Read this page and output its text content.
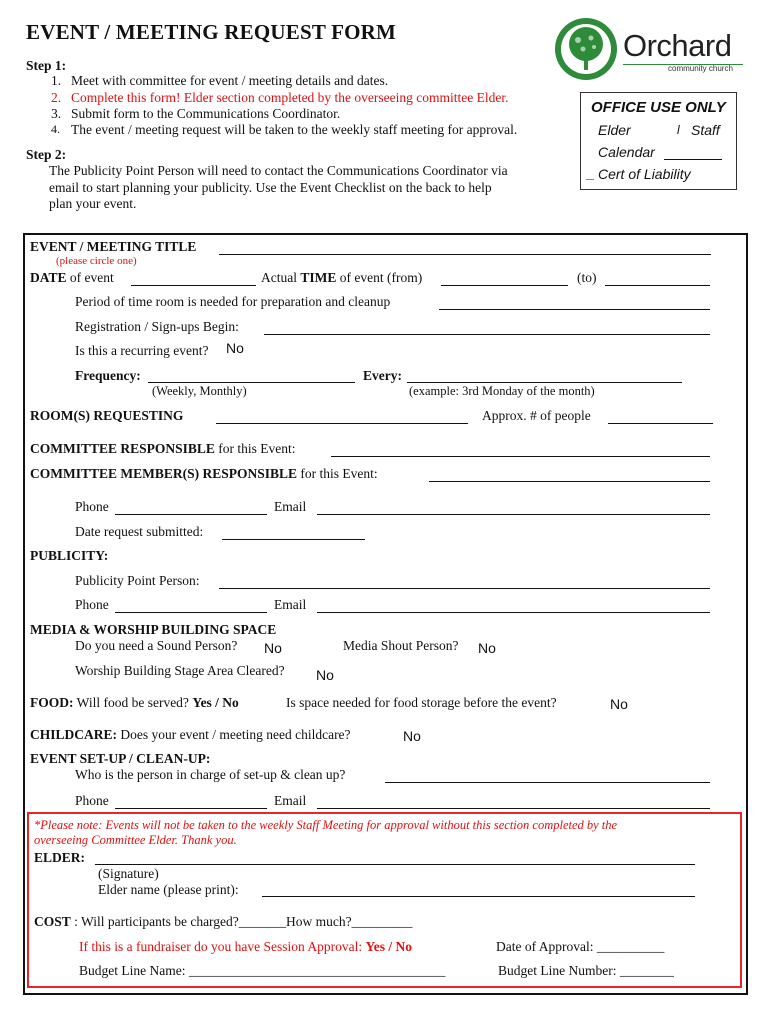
EVENT / MEETING REQUEST FORM	Orchard
community church
Step 1:
1. Meet with committee for event / meeting details and dates.
2. Complete this form! Elder section completed by the overseeing committee Elder.
3. Submit form to the Communications Coordinator.
4. The event / meeting request will be taken to the weekly staff meeting for approval.
Step 2:
The Publicity Point Person will need to contact the Communications Coordinator via
email to start planning your publicity. Use the Event Checklist on the back to help
plan your event.
OFFICE USE ONLY
Elder	l Staff
Calendar
_ Cert of Liability
EVENT / MEETING TITLE
(please circle one)
DATE of event	Actual TIME of event (from)	(to)
Period of time room is needed for preparation and cleanup
Registration / Sign-ups Begin:
Is this a recurring event? No
Frequency:	Every:
(Weekly, Monthly)	(example: 3rd Monday of the month)
ROOM(S) REQUESTING	Approx. # of people
COMMITTEE RESPONSIBLE for this Event:
COMMITTEE MEMBER(S) RESPONSIBLE for this Event:
Phone	Email
Date request submitted:
PUBLICITY:
Publicity Point Person:
Phone	Email
MEDIA & WORSHIP BUILDING SPACE
Do you need a Sound Person? No	Media Shout Person? No
Worship Building Stage Area Cleared? No
FOOD: Will food be served? Yes / No	Is space needed for food storage before the event?	No
CHILDCARE: Does your event / meeting need childcare?	No
EVENT SET-UP / CLEAN-UP:
Who is the person in charge of set-up & clean up?
Phone	Email
*Please note: Events will not be taken to the weekly Staff Meeting for approval without this section completed by the
overseeing Committee Elder. Thank you.
ELDER:
(Signature)
Elder name (please print):
COST : Will participants be charged?_______How much?_________
If this is a fundraiser do you have Session Approval: Yes / No	Date of Approval: __________
Budget Line Name: ______________________________________	Budget Line Number: ________
